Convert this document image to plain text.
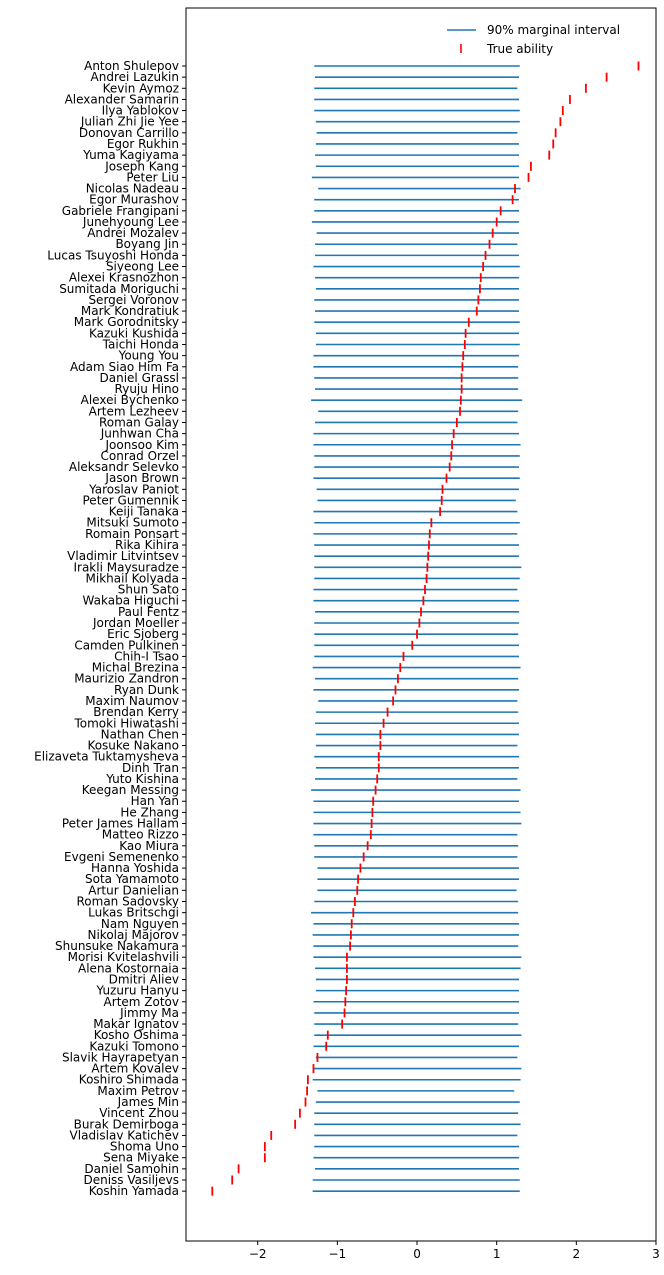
Anton Shulepov
Andrei Lazukin
Kevin Aymoz
Alexander Samarin
Ilya Yablokov
Julian Zhi Jie Yee
Donovan Carrillo
Egor Rukhin
Yuma Kagiyama
Joseph Kang
Peter Liu
Nicolas Nadeau
Egor Murashov
Gabriele Frangipani
Junehyoung Lee
Andrei Mozalev
Boyang Jin
Lucas Tsuyoshi Honda
Siyeong Lee
Alexei Krasnozhon
Sumitada Moriguchi
Sergei Voronov
Mark Kondratiuk
Mark Gorodnitsky
Kazuki Kushida
Taichi Honda
Young You
Adam Siao Him Fa
Daniel Grassl
Ryuju Hino
Alexei Bychenko
Artem Lezheev
Roman Galay
Junhwan Cha
Joonsoo Kim
Conrad Orzel
Aleksandr Selevko
Jason Brown
Yaroslav Paniot
Peter Gumennik
Keiji Tanaka
Mitsuki Sumoto
Romain Ponsart
Rika Kihira
Vladimir Litvintsev
Irakli Maysuradze
Mikhail Kolyada
Shun Sato
Wakaba Higuchi
Paul Fentz
Jordan Moeller
Eric Sjoberg
Camden Pulkinen
Chih-I Tsao
Michal Brezina
Maurizio Zandron
Ryan Dunk
Maxim Naumov
Brendan Kerry
Tomoki Hiwatashi
Nathan Chen
Kosuke Nakano
Elizaveta Tuktamysheva
Dinh Tran
Yuto Kishina
Keegan Messing
Han Yan
He Zhang
Peter James Hallam
Matteo Rizzo
Kao Miura
Evgeni Semenenko
Hanna Yoshida
Sota Yamamoto
Artur Danielian
Roman Sadovsky
Lukas Britschgi
Nam Nguyen
Nikolaj Majorov
Shunsuke Nakamura
Morisi Kvitelashvili
Alena Kostornaia
Dmitri Aliev
Yuzuru Hanyu
Artem Zotov
Jimmy Ma
Makar Ignatov
Kosho Oshima
Kazuki Tomono
Slavik Hayrapetyan
Artem Kovalev
Koshiro Shimada
Maxim Petrov
James Min
Vincent Zhou
Burak Demirboga
Vladislav Katichev
Shoma Uno
Sena Miyake
Daniel Samohin
Deniss Vasiljevs
Koshin Yamada
−2	−1	0	1	2	3
90% marginal interval
True ability
